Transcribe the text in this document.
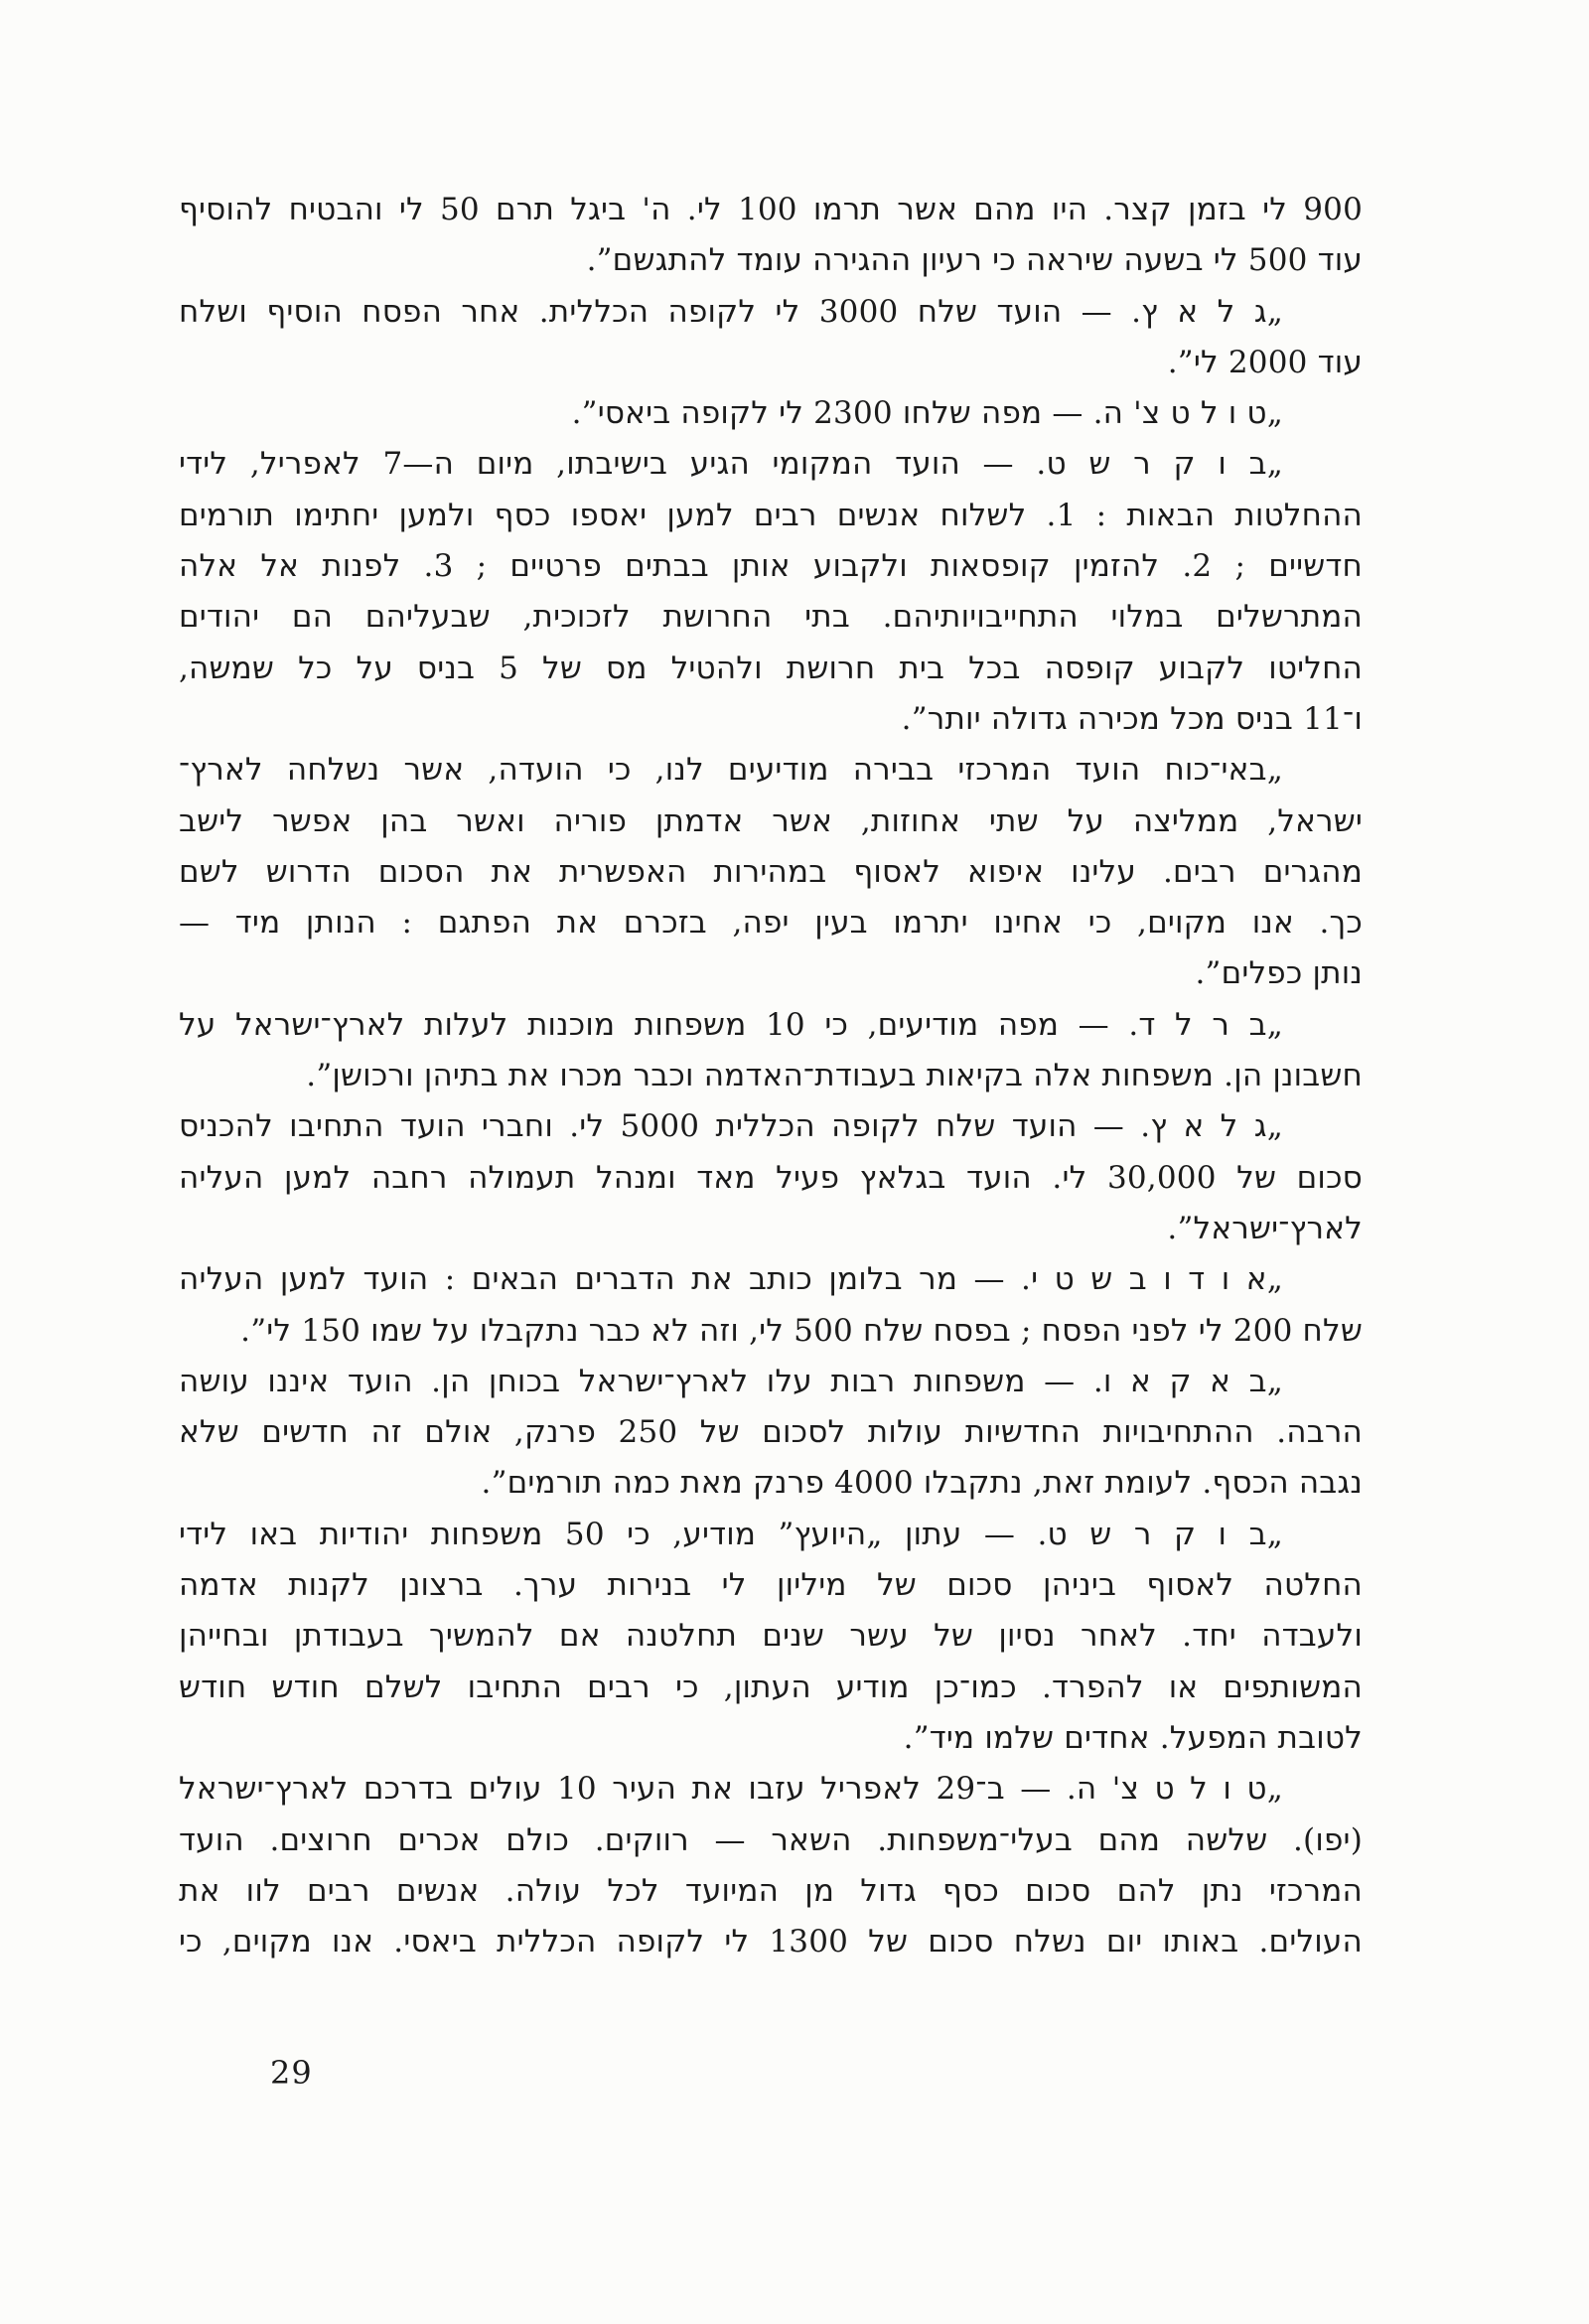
900 לי בזמן קצר. היו מהם אשר תרמו 100 לי. ה' ביגל תרם 50 לי והבטיח להוסיף
עוד 500 לי בשעה שיראה כי רעיון ההגירה עומד להתגשם”.
„ג ל א ץ. — הועד שלח 3000 לי לקופה הכללית. אחר הפסח הוסיף ושלח
עוד 2000 לי”.
„ט ו ל ט צ' ה. — מפה שלחו 2300 לי לקופה ביאסי”.
„ב ו ק ר ש ט. — הועד המקומי הגיע בישיבתו, מיום ה—7 לאפריל, לידי
ההחלטות הבאות : 1. לשלוח אנשים רבים למען יאספו כסף ולמען יחתימו תורמים
חדשיים ; 2. להזמין קופסאות ולקבוע אותן בבתים פרטיים ; 3. לפנות אל אלה
המתרשלים במלוי התחייבויותיהם. בתי החרושת לזכוכית, שבעליהם הם יהודים
החליטו לקבוע קופסה בכל בית חרושת ולהטיל מס של 5 בניס על כל שמשה,
ו־11 בניס מכל מכירה גדולה יותר”.
„באי־כוח הועד המרכזי בבירה מודיעים לנו, כי הועדה, אשר נשלחה לארץ־
ישראל, ממליצה על שתי אחוזות, אשר אדמתן פוריה ואשר בהן אפשר לישב
מהגרים רבים. עלינו איפוא לאסוף במהירות האפשרית את הסכום הדרוש לשם
כך. אנו מקוים, כי אחינו יתרמו בעין יפה, בזכרם את הפתגם : הנותן מיד —
נותן כפלים”.
„ב ר ל ד. — מפה מודיעים, כי 10 משפחות מוכנות לעלות לארץ־ישראל על
חשבונן הן. משפחות אלה בקיאות בעבודת־האדמה וכבר מכרו את בתיהן ורכושן”.
„ג ל א ץ. — הועד שלח לקופה הכללית 5000 לי. וחברי הועד התחיבו להכניס
סכום של 30,000 לי. הועד בגלאץ פעיל מאד ומנהל תעמולה רחבה למען העליה
לארץ־ישראל”.
„א ו ד ו ב ש ט י. — מר בלומן כותב את הדברים הבאים : הועד למען העליה
שלח 200 לי לפני הפסח ; בפסח שלח 500 לי, וזה לא כבר נתקבלו על שמו 150 לי”.
„ב א ק א ו. — משפחות רבות עלו לארץ־ישראל בכוחן הן. הועד איננו עושה
הרבה. ההתחיבויות החדשיות עולות לסכום של 250 פרנק, אולם זה חדשים שלא
נגבה הכסף. לעומת זאת, נתקבלו 4000 פרנק מאת כמה תורמים”.
„ב ו ק ר ש ט. — עתון „היועץ” מודיע, כי 50 משפחות יהודיות באו לידי
החלטה לאסוף ביניהן סכום של מיליון לי בנירות ערך. ברצונן לקנות אדמה
ולעבדה יחד. לאחר נסיון של עשר שנים תחלטנה אם להמשיך בעבודתן ובחייהן
המשותפים או להפרד. כמו־כן מודיע העתון, כי רבים התחיבו לשלם חודש חודש
לטובת המפעל. אחדים שלמו מיד”.
„ט ו ל ט צ' ה. — ב־29 לאפריל עזבו את העיר 10 עולים בדרכם לארץ־ישראל
(יפו). שלשה מהם בעלי־משפחות. השאר — רווקים. כולם אכרים חרוצים. הועד
המרכזי נתן להם סכום כסף גדול מן המיועד לכל עולה. אנשים רבים לוו את
העולים. באותו יום נשלח סכום של 1300 לי לקופה הכללית ביאסי. אנו מקוים, כי
29
